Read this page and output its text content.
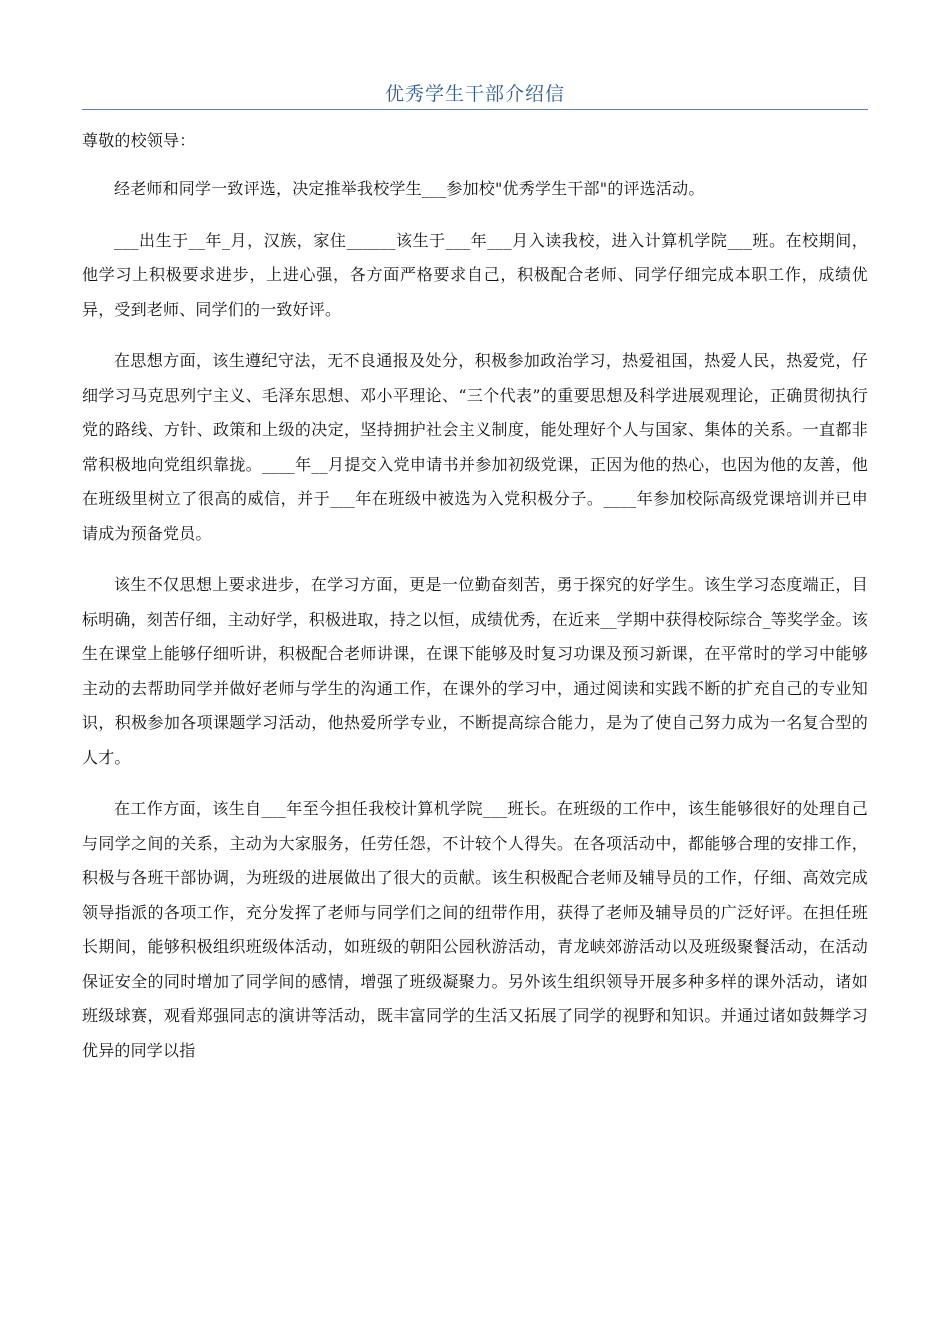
优秀学生干部介绍信

尊敬的校领导：

经老师和同学一致评选，决定推举我校学生___参加校"优秀学生干部"的评选活动。

___出生于__年_月，汉族，家住______该生于___年___月入读我校，进入计算机学院___班。在校期间，他学习上积极要求进步，上进心强，各方面严格要求自己，积极配合老师、同学仔细完成本职工作，成绩优异，受到老师、同学们的一致好评。

在思想方面，该生遵纪守法，无不良通报及处分，积极参加政治学习，热爱祖国，热爱人民，热爱党，仔细学习马克思列宁主义、毛泽东思想、邓小平理论、“三个代表”的重要思想及科学进展观理论，正确贯彻执行党的路线、方针、政策和上级的决定，坚持拥护社会主义制度，能处理好个人与国家、集体的关系。一直都非常积极地向党组织靠拢。____年__月提交入党申请书并参加初级党课，正因为他的热心，也因为他的友善，他在班级里树立了很高的威信，并于___年在班级中被选为入党积极分子。____年参加校际高级党课培训并已申请成为预备党员。

该生不仅思想上要求进步，在学习方面，更是一位勤奋刻苦，勇于探究的好学生。该生学习态度端正，目标明确，刻苦仔细，主动好学，积极进取，持之以恒，成绩优秀，在近来__学期中获得校际综合_等奖学金。该生在课堂上能够仔细听讲，积极配合老师讲课，在课下能够及时复习功课及预习新课，在平常时的学习中能够主动的去帮助同学并做好老师与学生的沟通工作，在课外的学习中，通过阅读和实践不断的扩充自己的专业知识，积极参加各项课题学习活动，他热爱所学专业，不断提高综合能力，是为了使自己努力成为一名复合型的人才。

在工作方面，该生自___年至今担任我校计算机学院___班长。在班级的工作中，该生能够很好的处理自己与同学之间的关系，主动为大家服务，任劳任怨，不计较个人得失。在各项活动中，都能够合理的安排工作，积极与各班干部协调，为班级的进展做出了很大的贡献。该生积极配合老师及辅导员的工作，仔细、高效完成领导指派的各项工作，充分发挥了老师与同学们之间的纽带作用，获得了老师及辅导员的广泛好评。在担任班长期间，能够积极组织班级体活动，如班级的朝阳公园秋游活动，青龙峡郊游活动以及班级聚餐活动，在活动保证安全的同时增加了同学间的感情，增强了班级凝聚力。另外该生组织领导开展多种多样的课外活动，诸如班级球赛，观看郑强同志的演讲等活动，既丰富同学的生活又拓展了同学的视野和知识。并通过诸如鼓舞学习优异的同学以指
